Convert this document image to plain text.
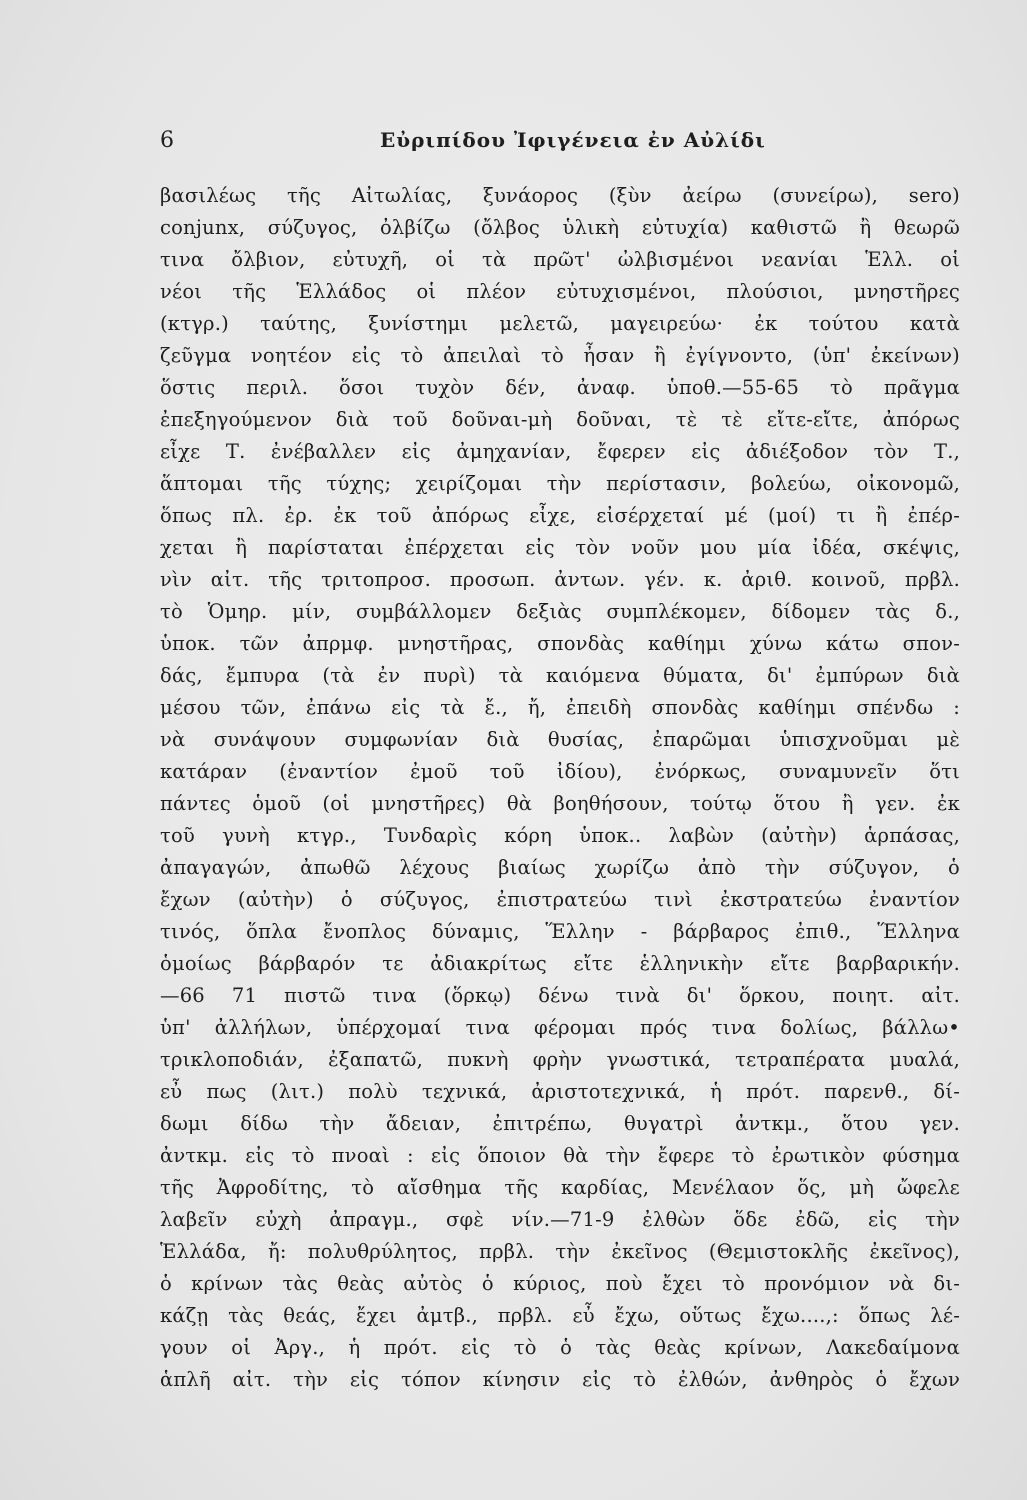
6	Εὐριπίδου Ἰφιγένεια ἐν Αὐλίδι
βασιλέως τῆς Αἰτωλίας, ξυνάορος (ξὺν ἀείρω (συνείρω), sero)
conjunx, σύζυγος, ὀλβίζω (ὄλβος ὑλικὴ εὐτυχία) καθιστῶ ἢ θεωρῶ
τινα ὄλβιον, εὐτυχῆ, οἱ τὰ πρῶτ' ὠλβισμένοι νεανίαι Ἑλλ. οἱ
νέοι τῆς Ἑλλάδος οἱ πλέον εὐτυχισμένοι, πλούσιοι, μνηστῆρες
(κτγρ.) ταύτης, ξυνίστημι μελετῶ, μαγειρεύω· ἐκ τούτου κατὰ
ζεῦγμα νοητέον εἰς τὸ ἀπειλαὶ τὸ ἦσαν ἢ ἐγίγνοντο, (ὑπ' ἐκείνων)
ὅστις περιλ. ὅσοι τυχὸν δέν, ἀναφ. ὑποθ.—55-65 τὸ πρᾶγμα
ἐπεξηγούμενον διὰ τοῦ δοῦναι-μὴ δοῦναι, τὲ τὲ εἴτε-εἴτε, ἀπόρως
εἶχε Τ. ἐνέβαλλεν εἰς ἀμηχανίαν, ἔφερεν εἰς ἀδιέξοδον τὸν Τ.,
ἅπτομαι τῆς τύχης; χειρίζομαι τὴν περίστασιν, βολεύω, οἰκονομῶ,
ὅπως πλ. ἐρ. ἐκ τοῦ ἀπόρως εἶχε, εἰσέρχεταί μέ (μοί) τι ἢ ἐπέρ-
χεται ἢ παρίσταται ἐπέρχεται εἰς τὸν νοῦν μου μία ἰδέα, σκέψις,
νὶν αἰτ. τῆς τριτοπροσ. προσωπ. ἀντων. γέν. κ. ἀριθ. κοινοῦ, πρβλ.
τὸ Ὁμηρ. μίν, συμβάλλομεν δεξιὰς συμπλέκομεν, δίδομεν τὰς δ.,
ὑποκ. τῶν ἀπρμφ. μνηστῆρας, σπονδὰς καθίημι χύνω κάτω σπον-
δάς, ἔμπυρα (τὰ ἐν πυρὶ) τὰ καιόμενα θύματα, δι' ἐμπύρων διὰ
μέσου τῶν, ἐπάνω εἰς τὰ ἔ., ἤ, ἐπειδὴ σπονδὰς καθίημι σπένδω :
νὰ συνάψουν συμφωνίαν διὰ θυσίας, ἐπαρῶμαι ὑπισχνοῦμαι μὲ
κατάραν (ἐναντίον ἐμοῦ τοῦ ἰδίου), ἐνόρκως, συναμυνεῖν ὅτι
πάντες ὁμοῦ (οἱ μνηστῆρες) θὰ βοηθήσουν, τούτῳ ὅτου ἢ γεν. ἐκ
τοῦ γυνὴ κτγρ., Τυνδαρὶς κόρη ὑποκ.. λαβὼν (αὐτὴν) ἁρπάσας,
ἀπαγαγών, ἀπωθῶ λέχους βιαίως χωρίζω ἀπὸ τὴν σύζυγον, ὁ
ἔχων (αὐτὴν) ὁ σύζυγος, ἐπιστρατεύω τινὶ ἐκστρατεύω ἐναντίον
τινός, ὅπλα ἔνοπλος δύναμις, Ἕλλην - βάρβαρος ἐπιθ., Ἕλληνα
ὁμοίως βάρβαρόν τε ἀδιακρίτως εἴτε ἑλληνικὴν εἴτε βαρβαρικήν.
—66 71 πιστῶ τινα (ὅρκῳ) δένω τινὰ δι' ὅρκου, ποιητ. αἰτ.
ὑπ' ἀλλήλων, ὑπέρχομαί τινα φέρομαι πρός τινα δολίως, βάλλω•
τρικλοποδιάν, ἐξαπατῶ, πυκνὴ φρὴν γνωστικά, τετραπέρατα μυαλά,
εὖ πως (λιτ.) πολὺ τεχνικά, ἀριστοτεχνικά, ἡ πρότ. παρενθ., δί-
δωμι δίδω τὴν ἄδειαν, ἐπιτρέπω, θυγατρὶ ἀντκμ., ὅτου γεν.
ἀντκμ. εἰς τὸ πνοαὶ : εἰς ὅποιον θὰ τὴν ἔφερε τὸ ἐρωτικὸν φύσημα
τῆς Ἀφροδίτης, τὸ αἴσθημα τῆς καρδίας, Μενέλαον ὅς, μὴ ὤφελε
λαβεῖν εὐχὴ ἀπραγμ., σφὲ νίν.—71-9 ἐλθὼν ὅδε ἐδῶ, εἰς τὴν
Ἑλλάδα, ἤ: πολυθρύλητος, πρβλ. τὴν ἐκεῖνος (Θεμιστοκλῆς ἐκεῖνος),
ὁ κρίνων τὰς θεὰς αὐτὸς ὁ κύριος, ποὺ ἔχει τὸ προνόμιον νὰ δι-
κάζῃ τὰς θεάς, ἔχει ἀμτβ., πρβλ. εὖ ἔχω, οὕτως ἔχω....,: ὅπως λέ-
γουν οἱ Ἀργ., ἡ πρότ. εἰς τὸ ὁ τὰς θεὰς κρίνων, Λακεδαίμονα
ἁπλῆ αἰτ. τὴν εἰς τόπον κίνησιν εἰς τὸ ἐλθών, ἀνθηρὸς ὁ ἔχων
